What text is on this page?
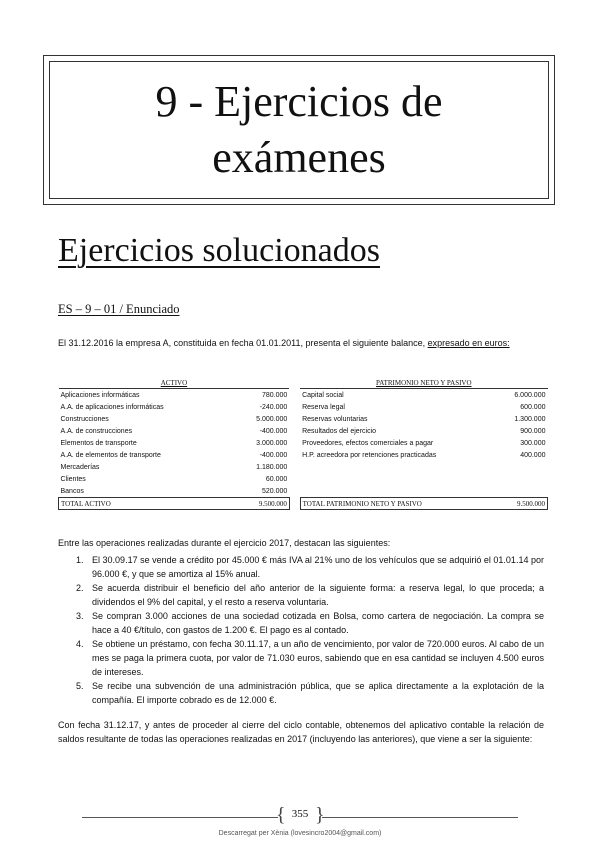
9 - Ejercicios de exámenes
Ejercicios solucionados
ES – 9 – 01 / Enunciado

El 31.12.2016 la empresa A, constituida en fecha 01.01.2011, presenta el siguiente balance, expresado en euros:

ACTIVO			PATRIMONIO NETO Y PASIVO	
Aplicaciones informáticas	780.000		Capital social	6.000.000
A.A. de aplicaciones informáticas	-240.000		Reserva legal	600.000
Construcciones	5.000.000		Reservas voluntarias	1.300.000
A.A. de construcciones	-400.000		Resultados del ejercicio	900.000
Elementos de transporte	3.000.000		Proveedores, efectos comerciales a pagar	300.000
A.A. de elementos de transporte	-400.000		H.P. acreedora por retenciones practicadas	400.000
Mercaderías	1.180.000			
Clientes	60.000			
Bancos	520.000			
TOTAL ACTIVO	9.500.000		TOTAL PATRIMONIO NETO Y PASIVO	9.500.000

Entre las operaciones realizadas durante el ejercicio 2017, destacan las siguientes:

1. El 30.09.17 se vende a crédito por 45.000 € más IVA al 21% uno de los vehículos que se adquirió el 01.01.14 por 96.000 €, y que se amortiza al 15% anual.
2. Se acuerda distribuir el beneficio del año anterior de la siguiente forma: a reserva legal, lo que proceda; a dividendos el 9% del capital, y el resto a reserva voluntaria.
3. Se compran 3.000 acciones de una sociedad cotizada en Bolsa, como cartera de negociación. La compra se hace a 40 €/título, con gastos de 1.200 €. El pago es al contado.
4. Se obtiene un préstamo, con fecha 30.11.17, a un año de vencimiento, por valor de 720.000 euros. Al cabo de un mes se paga la primera cuota, por valor de 71.030 euros, sabiendo que en esa cantidad se incluyen 4.500 euros de intereses.
5. Se recibe una subvención de una administración pública, que se aplica directamente a la explotación de la compañía. El importe cobrado es de 12.000 €.

Con fecha 31.12.17, y antes de proceder al cierre del ciclo contable, obtenemos del aplicativo contable la relación de saldos resultante de todas las operaciones realizadas en 2017 (incluyendo las anteriores), que viene a ser la siguiente:

{ }
355
Descarregat per Xènia (lovesincro2004@gmail.com)
